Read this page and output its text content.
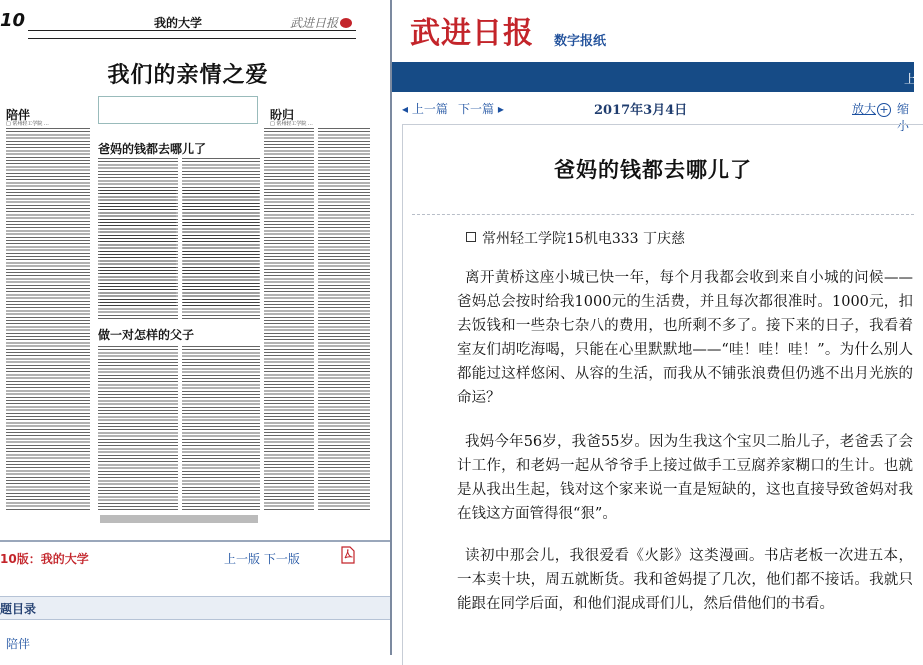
10	我的大学	武进日报
我们的亲情之爱
陪伴
□ 常州轻工学院 …
爸妈的钱都去哪儿了
做一对怎样的父子
盼归
□ 常州轻工学院 …
10版：我的大学	上一版 下一版
题目录
陪伴
武进日报 数字报纸
上
◂ 上一篇 下一篇 ▸	2017年3月4日	放大 + 缩小
爸妈的钱都去哪儿了
常州轻工学院15机电333 丁庆慈
离开黄桥这座小城已快一年，每个月我都会收到来自小城的问候——爸妈总会按时给我1000元的生活费，并且每次都很准时。1000元，扣去饭钱和一些杂七杂八的费用，也所剩不多了。接下来的日子，我看着室友们胡吃海喝，只能在心里默默地——“哇！哇！哇！”。为什么别人都能过这样悠闲、从容的生活，而我从不铺张浪费但仍逃不出月光族的命运？
我妈今年56岁，我爸55岁。因为生我这个宝贝二胎儿子，老爸丢了会计工作，和老妈一起从爷爷手上接过做手工豆腐养家糊口的生计。也就是从我出生起，钱对这个家来说一直是短缺的，这也直接导致爸妈对我在钱这方面管得很“狠”。
读初中那会儿，我很爱看《火影》这类漫画。书店老板一次进五本，一本卖十块，周五就断货。我和爸妈提了几次，他们都不接话。我就只能跟在同学后面，和他们混成哥们儿，然后借他们的书看。
